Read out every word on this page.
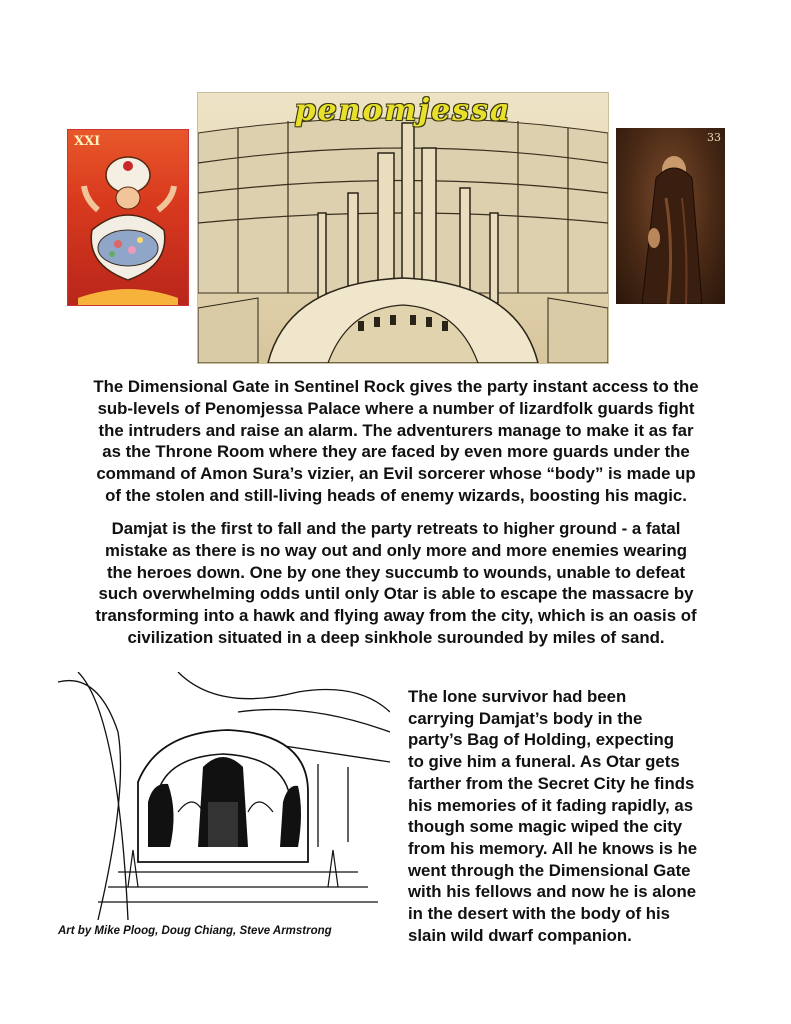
XXI
penomjessa
33

The Dimensional Gate in Sentinel Rock gives the party instant access to the
sub-levels of Penomjessa Palace where a number of lizardfolk guards fight
the intruders and raise an alarm. The adventurers manage to make it as far
as the Throne Room where they are faced by even more guards under the
command of Amon Sura’s vizier, an Evil sorcerer whose “body” is made up
of the stolen and still-living heads of enemy wizards, boosting his magic.

Damjat is the first to fall and the party retreats to higher ground - a fatal
mistake as there is no way out and only more and more enemies wearing
the heroes down. One by one they succumb to wounds, unable to defeat
such overwhelming odds until only Otar is able to escape the massacre by
transforming into a hawk and flying away from the city, which is an oasis of
civilization situated in a deep sinkhole surounded by miles of sand.

Art by Mike Ploog, Doug Chiang, Steve Armstrong

The lone survivor had been
carrying Damjat’s body in the
party’s Bag of Holding, expecting
to give him a funeral. As Otar gets
farther from the Secret City he finds
his memories of it fading rapidly, as
though some magic wiped the city
from his memory. All he knows is he
went through the Dimensional Gate
with his fellows and now he is alone
in the desert with the body of his
slain wild dwarf companion.
